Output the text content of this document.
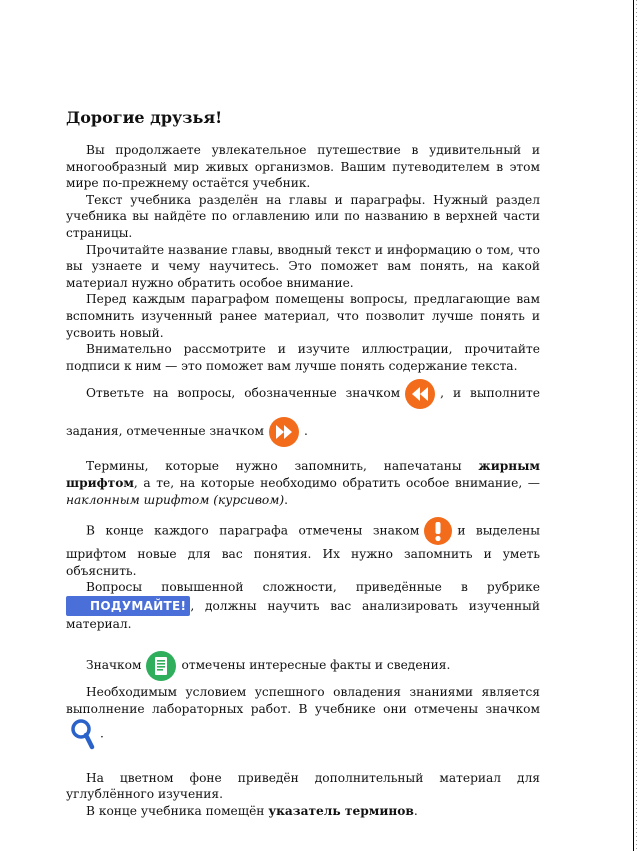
Дорогие друзья!

Вы продолжаете увлекательное путешествие в удивительный и многообразный мир живых организмов. Вашим путеводителем в этом мире по-прежнему остаётся учебник.

Текст учебника разделён на главы и параграфы. Нужный раздел учебника вы найдёте по оглавлению или по названию в верхней части страницы.

Прочитайте название главы, вводный текст и информацию о том, что вы узнаете и чему научитесь. Это поможет вам понять, на какой материал нужно обратить особое внимание.

Перед каждым параграфом помещены вопросы, предлагающие вам вспомнить изученный ранее материал, что позволит лучше понять и усвоить новый.

Внимательно рассмотрите и изучите иллюстрации, прочитайте подписи к ним — это поможет вам лучше понять содержание текста.

Ответьте на вопросы, обозначенные значком	, и выполните задания, отмеченные значком	.

Термины, которые нужно запомнить, напечатаны жирным шрифтом, а те, на которые необходимо обратить особое внимание, — наклонным шрифтом (курсивом).

В конце каждого параграфа отмечены знаком	и выделены шрифтом новые для вас понятия. Их нужно запомнить и уметь объяснить.

Вопросы повышенной сложности, приведённые в рубрике ПОДУМАЙТЕ! , должны научить вас анализировать изученный материал.

Значком	отмечены интересные факты и сведения.

Необходимым условием успешного овладения знаниями является выполнение лабораторных работ. В учебнике они отмечены значком
.

На цветном фоне приведён дополнительный материал для углублённого изучения.

В конце учебника помещён указатель терминов.
